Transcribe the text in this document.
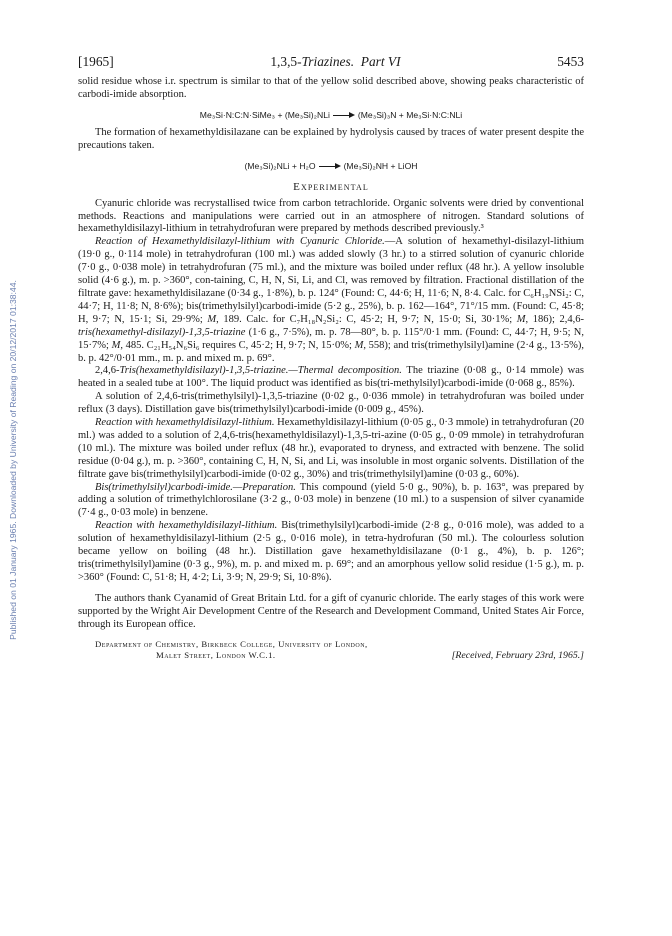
Published on 01 January 1965. Downloaded by University of Reading on 20/12/2017 01:38:44.
[1965]	1,3,5-Triazines. Part VI	5453

solid residue whose i.r. spectrum is similar to that of the yellow solid described above, showing peaks characteristic of carbodi-imide absorption.

Me₃Si·N:C:N·SiMe₃ + (Me₃Si)₂NLi	(Me₃Si)₃N + Me₃Si·N:C:NLi

The formation of hexamethyldisilazane can be explained by hydrolysis caused by traces of water present despite the precautions taken.

(Me₃Si)₂NLi + H₂O	(Me₃Si)₂NH + LiOH
Experimental

Cyanuric chloride was recrystallised twice from carbon tetrachloride. Organic solvents were dried by conventional methods. Reactions and manipulations were carried out in an atmosphere of nitrogen. Standard solutions of hexamethyldisilazyl-lithium in tetrahydrofuran were prepared by methods described previously.³

Reaction of Hexamethyldisilazyl-lithium with Cyanuric Chloride.—A solution of hexamethyl-disilazyl-lithium (19·0 g., 0·114 mole) in tetrahydrofuran (100 ml.) was added slowly (3 hr.) to a stirred solution of cyanuric chloride (7·0 g., 0·038 mole) in tetrahydrofuran (75 ml.), and the mixture was boiled under reflux (48 hr.). A yellow insoluble solid (4·6 g.), m. p. >360°, con-taining, C, H, N, Si, Li, and Cl, was removed by filtration. Fractional distillation of the filtrate gave: hexamethyldisilazane (0·34 g., 1·8%), b. p. 124° (Found: C, 44·6; H, 11·6; N, 8·4. Calc. for C₆H₁₉NSi₂: C, 44·7; H, 11·8; N, 8·6%); bis(trimethylsilyl)carbodi-imide (5·2 g., 25%), b. p. 162—164°, 71°/15 mm. (Found: C, 45·8; H, 9·7; N, 15·1; Si, 29·9%; M, 189. Calc. for C₇H₁₈N₂Si₂: C, 45·2; H, 9·7; N, 15·0; Si, 30·1%; M, 186); 2,4,6-tris(hexamethyl-disilazyl)-1,3,5-triazine (1·6 g., 7·5%), m. p. 78—80°, b. p. 115°/0·1 mm. (Found: C, 44·7; H, 9·5; N, 15·7%; M, 485. C₂₁H₅₄N₆Si₆ requires C, 45·2; H, 9·7; N, 15·0%; M, 558); and tris(trimethylsilyl)amine (2·4 g., 13·5%), b. p. 42°/0·01 mm., m. p. and mixed m. p. 69°.

2,4,6-Tris(hexamethyldisilazyl)-1,3,5-triazine.—Thermal decomposition. The triazine (0·08 g., 0·14 mmole) was heated in a sealed tube at 100°. The liquid product was identified as bis(tri-methylsilyl)carbodi-imide (0·068 g., 85%).

A solution of 2,4,6-tris(trimethylsilyl)-1,3,5-triazine (0·02 g., 0·036 mmole) in tetrahydrofuran was boiled under reflux (3 days). Distillation gave bis(trimethylsilyl)carbodi-imide (0·009 g., 45%).

Reaction with hexamethyldisilazyl-lithium. Hexamethyldisilazyl-lithium (0·05 g., 0·3 mmole) in tetrahydrofuran (20 ml.) was added to a solution of 2,4,6-tris(hexamethyldisilazyl)-1,3,5-tri-azine (0·05 g., 0·09 mmole) in tetrahydrofuran (10 ml.). The mixture was boiled under reflux (48 hr.), evaporated to dryness, and extracted with benzene. The solid residue (0·04 g.), m. p. >360°, containing C, H, N, Si, and Li, was insoluble in most organic solvents. Distillation of the filtrate gave bis(trimethylsilyl)carbodi-imide (0·02 g., 30%) and tris(trimethylsilyl)amine (0·03 g., 60%).

Bis(trimethylsilyl)carbodi-imide.—Preparation. This compound (yield 5·0 g., 90%), b. p. 163°, was prepared by adding a solution of trimethylchlorosilane (3·2 g., 0·03 mole) in benzene (10 ml.) to a suspension of silver cyanamide (7·4 g., 0·03 mole) in benzene.

Reaction with hexamethyldisilazyl-lithium. Bis(trimethylsilyl)carbodi-imide (2·8 g., 0·016 mole), was added to a solution of hexamethyldisilazyl-lithium (2·5 g., 0·016 mole), in tetra-hydrofuran (50 ml.). The colourless solution became yellow on boiling (48 hr.). Distillation gave hexamethyldisilazane (0·1 g., 4%), b. p. 126°; tris(trimethylsilyl)amine (0·3 g., 9%), m. p. and mixed m. p. 69°; and an amorphous yellow solid residue (1·5 g.), m. p. >360° (Found: C, 51·8; H, 4·2; Li, 3·9; N, 29·9; Si, 10·8%).

The authors thank Cyanamid of Great Britain Ltd. for a gift of cyanuric chloride. The early stages of this work were supported by the Wright Air Development Centre of the Research and Development Command, United States Air Force, through its European office.

Department of Chemistry, Birkbeck College, University of London,
Malet Street, London W.C.1.	[Received, February 23rd, 1965.]
